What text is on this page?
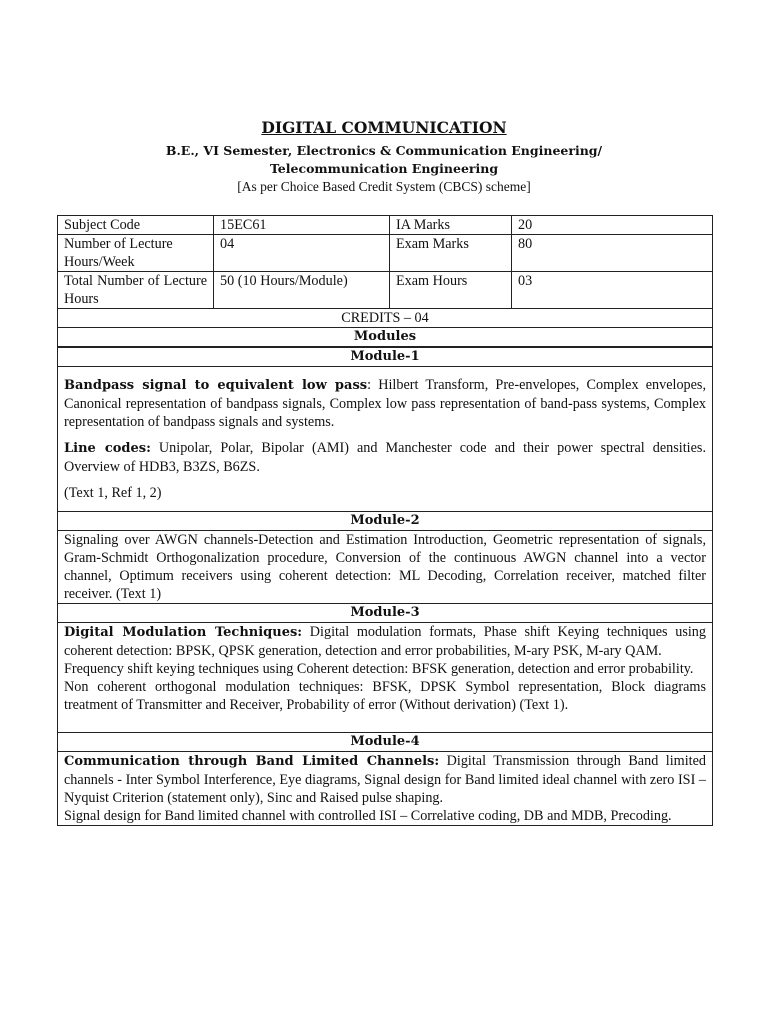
DIGITAL COMMUNICATION
B.E., VI Semester, Electronics & Communication Engineering/
Telecommunication Engineering
[As per Choice Based Credit System (CBCS) scheme]
Subject Code	15EC61	IA Marks	20
Number of Lecture Hours/Week	04	Exam Marks	80
Total Number of Lecture Hours	50 (10 Hours/Module)	Exam Hours	03
CREDITS – 04			
Modules			
Module-1			

Bandpass signal to equivalent low pass: Hilbert Transform, Pre-envelopes, Complex envelopes, Canonical representation of bandpass signals, Complex low pass representation of band-pass systems, Complex representation of bandpass signals and systems.

Line codes: Unipolar, Polar, Bipolar (AMI) and Manchester code and their power spectral densities. Overview of HDB3, B3ZS, B6ZS.

(Text 1, Ref 1, 2)			

Module-2			

Signaling over AWGN channels-Detection and Estimation Introduction, Geometric representation of signals, Gram-Schmidt Orthogonalization procedure, Conversion of the continuous AWGN channel into a vector channel, Optimum receivers using coherent detection: ML Decoding, Correlation receiver, matched filter receiver. (Text 1)			

Module-3			

Digital Modulation Techniques: Digital modulation formats, Phase shift Keying techniques using coherent detection: BPSK, QPSK generation, detection and error probabilities, M-ary PSK, M-ary QAM.

Frequency shift keying techniques using Coherent detection: BFSK generation, detection and error probability.

Non coherent orthogonal modulation techniques: BFSK, DPSK Symbol representation, Block diagrams treatment of Transmitter and Receiver, Probability of error (Without derivation) (Text 1).			

Module-4			

Communication through Band Limited Channels: Digital Transmission through Band limited channels - Inter Symbol Interference, Eye diagrams, Signal design for Band limited ideal channel with zero ISI – Nyquist Criterion (statement only), Sinc and Raised pulse shaping.

Signal design for Band limited channel with controlled ISI – Correlative coding, DB and MDB, Precoding.			
